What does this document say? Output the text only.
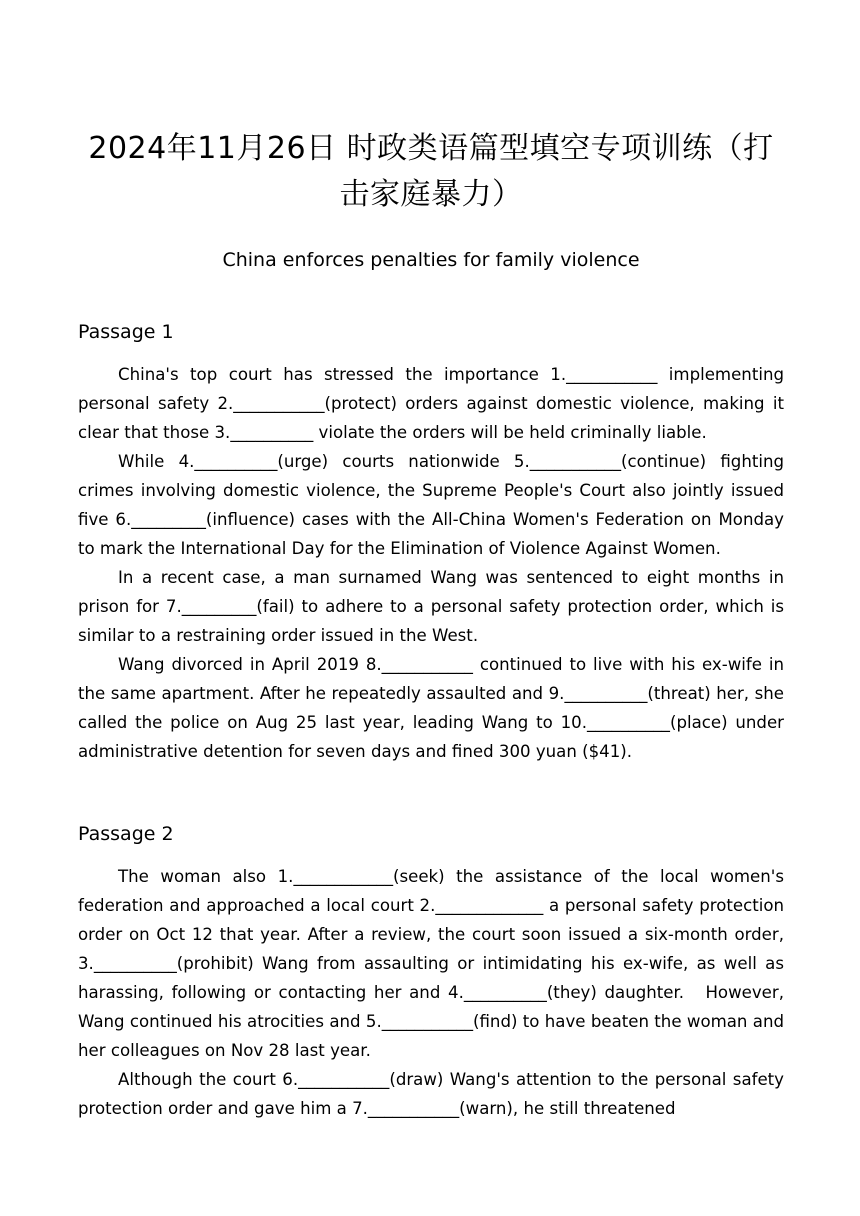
2024年11月26日 时政类语篇型填空专项训练（打击家庭暴力）
China enforces penalties for family violence
Passage 1

China's top court has stressed the importance 1.___________ implementing personal safety 2.___________(protect) orders against domestic violence, making it clear that those 3.__________ violate the orders will be held criminally liable.

While 4.__________(urge) courts nationwide 5.___________(continue) fighting crimes involving domestic violence, the Supreme People's Court also jointly issued five 6._________(influence) cases with the All-China Women's Federation on Monday to mark the International Day for the Elimination of Violence Against Women.

In a recent case, a man surnamed Wang was sentenced to eight months in prison for 7._________(fail) to adhere to a personal safety protection order, which is similar to a restraining order issued in the West.

Wang divorced in April 2019 8.___________ continued to live with his ex-wife in the same apartment. After he repeatedly assaulted and 9.__________(threat) her, she called the police on Aug 25 last year, leading Wang to 10.__________(place) under administrative detention for seven days and fined 300 yuan ($41).

Passage 2

The woman also 1.____________(seek) the assistance of the local women's federation and approached a local court 2._____________ a personal safety protection order on Oct 12 that year. After a review, the court soon issued a six-month order, 3.__________(prohibit) Wang from assaulting or intimidating his ex-wife, as well as harassing, following or contacting her and 4.__________(they) daughter.　However, Wang continued his atrocities and 5.___________(find) to have beaten the woman and her colleagues on Nov 28 last year.

Although the court 6.___________(draw) Wang's attention to the personal safety protection order and gave him a 7.___________(warn), he still threatened
